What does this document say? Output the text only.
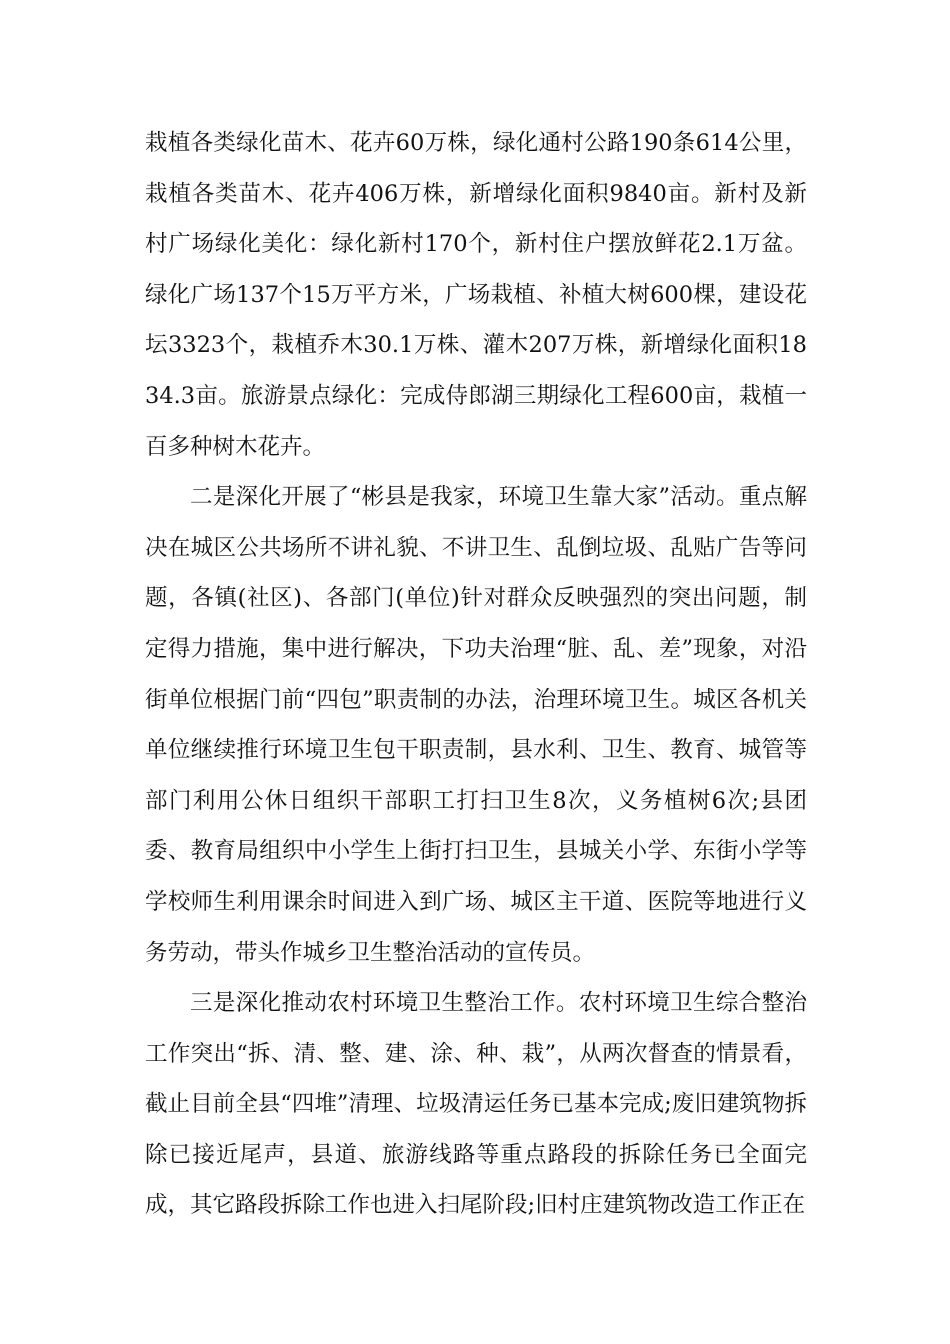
栽植各类绿化苗木、花卉60万株，绿化通村公路190条614公里，栽植各类苗木、花卉406万株，新增绿化面积9840亩。新村及新村广场绿化美化：绿化新村170个，新村住户摆放鲜花2.1万盆。绿化广场137个15万平方米，广场栽植、补植大树600棵，建设花坛3323个，栽植乔木30.1万株、灌木207万株，新增绿化面积1834.3亩。旅游景点绿化：完成侍郎湖三期绿化工程600亩，栽植一百多种树木花卉。

二是深化开展了“彬县是我家，环境卫生靠大家”活动。重点解决在城区公共场所不讲礼貌、不讲卫生、乱倒垃圾、乱贴广告等问题，各镇(社区)、各部门(单位)针对群众反映强烈的突出问题，制定得力措施，集中进行解决，下功夫治理“脏、乱、差”现象，对沿街单位根据门前“四包”职责制的办法，治理环境卫生。城区各机关单位继续推行环境卫生包干职责制，县水利、卫生、教育、城管等部门利用公休日组织干部职工打扫卫生8次，义务植树6次;县团委、教育局组织中小学生上街打扫卫生，县城关小学、东街小学等学校师生利用课余时间进入到广场、城区主干道、医院等地进行义务劳动，带头作城乡卫生整治活动的宣传员。

三是深化推动农村环境卫生整治工作。农村环境卫生综合整治工作突出“拆、清、整、建、涂、种、栽”，从两次督查的情景看，截止目前全县“四堆”清理、垃圾清运任务已基本完成;废旧建筑物拆除已接近尾声，县道、旅游线路等重点路段的拆除任务已全面完成，其它路段拆除工作也进入扫尾阶段;旧村庄建筑物改造工作正在
